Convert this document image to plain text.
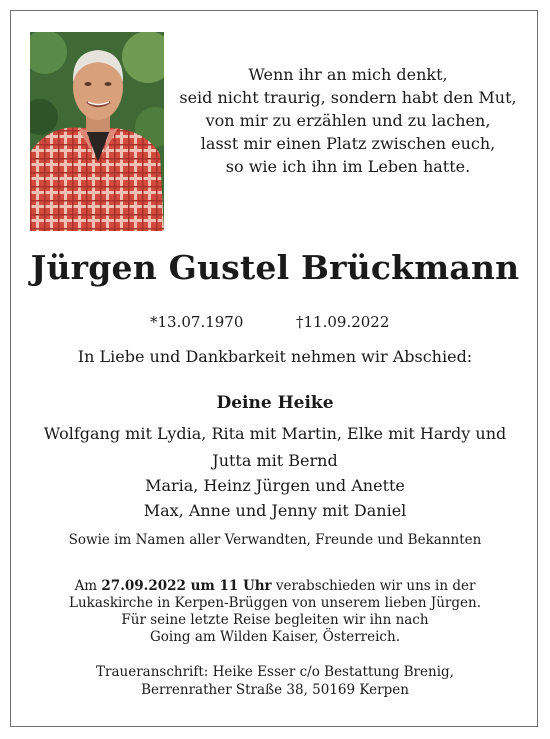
Wenn ihr an mich denkt,
seid nicht traurig, sondern habt den Mut,
von mir zu erzählen und zu lachen,
lasst mir einen Platz zwischen euch,
so wie ich ihn im Leben hatte.
Jürgen Gustel Brückmann
*13.07.1970	†11.09.2022
In Liebe und Dankbarkeit nehmen wir Abschied:
Deine Heike
Wolfgang mit Lydia, Rita mit Martin, Elke mit Hardy und
Jutta mit Bernd
Maria, Heinz Jürgen und Anette
Max, Anne und Jenny mit Daniel
Sowie im Namen aller Verwandten, Freunde und Bekannten
Am 27.09.2022 um 11 Uhr verabschieden wir uns in der
Lukaskirche in Kerpen-Brüggen von unserem lieben Jürgen.
Für seine letzte Reise begleiten wir ihn nach
Going am Wilden Kaiser, Österreich.
Traueranschrift: Heike Esser c/o Bestattung Brenig,
Berrenrather Straße 38, 50169 Kerpen
